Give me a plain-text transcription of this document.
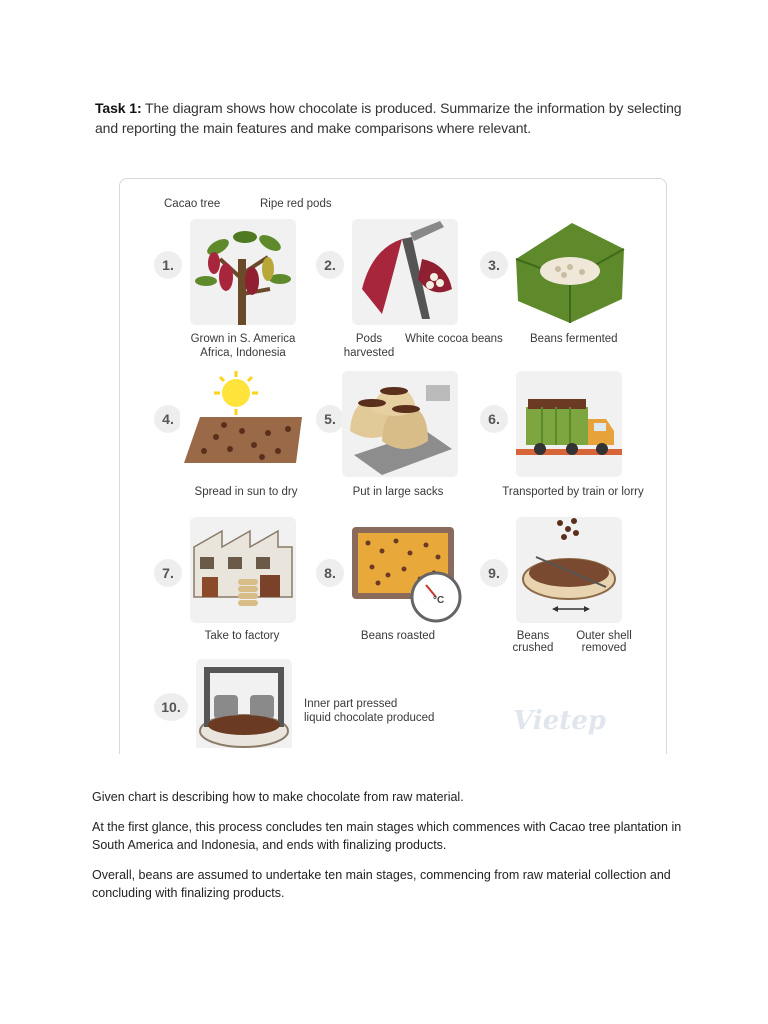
Task 1: The diagram shows how chocolate is produced. Summarize the information by selecting and reporting the main features and make comparisons where relevant.
Cacao tree	Ripe red pods
1.	2.	3.
Grown in S. America
Africa, Indonesia
Pods
harvested
White cocoa beans Beans fermented
4.	5.	6.
Spread in sun to dry	Put in large sacks	Transported by train or lorry
7.	8.
°C
9.
Take to factory	Beans roasted	Beans
crushed
Outer shell
removed
10.	Inner part pressed
liquid chocolate produced	Vietep

Given chart is describing how to make chocolate from raw material.

At the first glance, this process concludes ten main stages which commences with Cacao tree plantation in South America and Indonesia, and ends with finalizing products.

Overall, beans are assumed to undertake ten main stages, commencing from raw material collection and concluding with finalizing products.
